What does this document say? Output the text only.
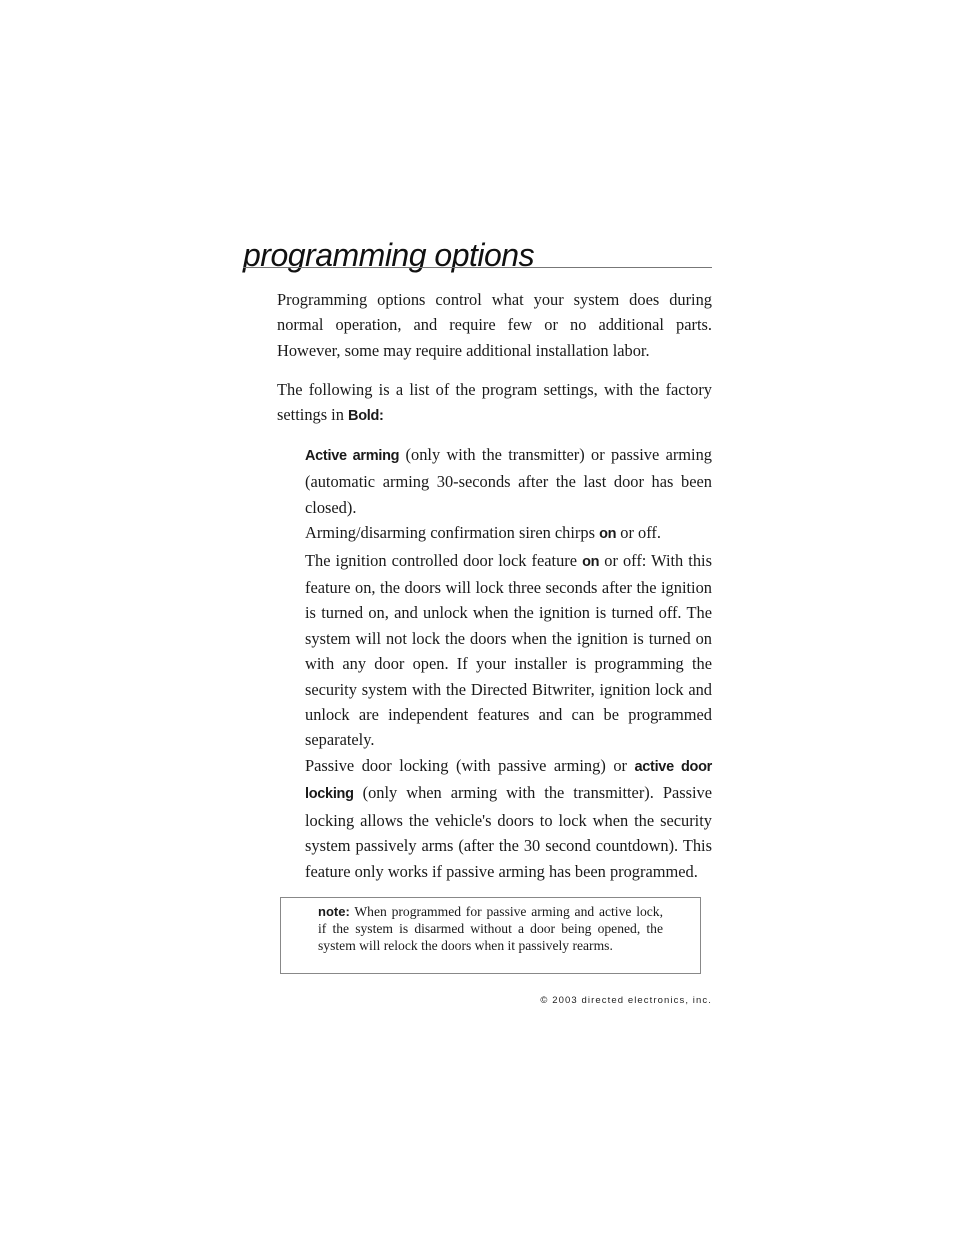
programming options

Programming options control what your system does during normal operation, and require few or no additional parts. However, some may require additional installation labor.

The following is a list of the program settings, with the factory settings in Bold:

Active arming (only with the transmitter) or passive arming (automatic arming 30-seconds after the last door has been closed).
Arming/disarming confirmation siren chirps on or off.
The ignition controlled door lock feature on or off: With this feature on, the doors will lock three seconds after the ignition is turned on, and unlock when the ignition is turned off. The system will not lock the doors when the ignition is turned on with any door open. If your installer is programming the security system with the Directed Bitwriter, ignition lock and unlock are independent features and can be programmed separately.
Passive door locking (with passive arming) or active door locking (only when arming with the transmitter). Passive locking allows the vehicle's doors to lock when the security system passively arms (after the 30 second countdown). This feature only works if passive arming has been programmed.

note: When programmed for passive arming and active lock, if the system is disarmed without a door being opened, the system will relock the doors when it passively rearms.

© 2003 directed electronics, inc.
